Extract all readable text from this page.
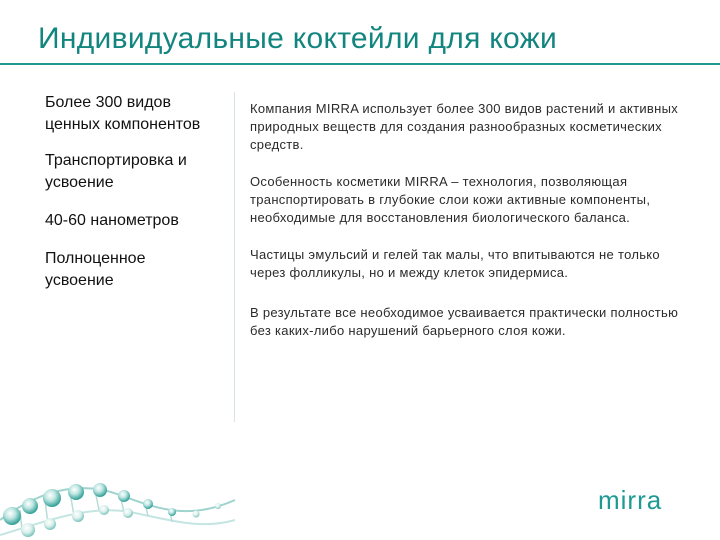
Индивидуальные коктейли для кожи

Более 300 видов ценных компонентов

Транспортировка и усвоение

40-60 нанометров

Полноценное усвоение

Компания MIRRA использует более 300 видов растений и активных природных веществ для создания разнообразных косметических средств.

Особенность косметики MIRRA – технология, позволяющая транспортировать в глубокие слои кожи активные компоненты, необходимые для восстановления биологического баланса.

Частицы эмульсий и гелей так малы, что впитываются не только через фолликулы, но и между клеток эпидермиса.

В результате все необходимое усваивается практически полностью без каких-либо нарушений барьерного слоя кожи.

mirra
